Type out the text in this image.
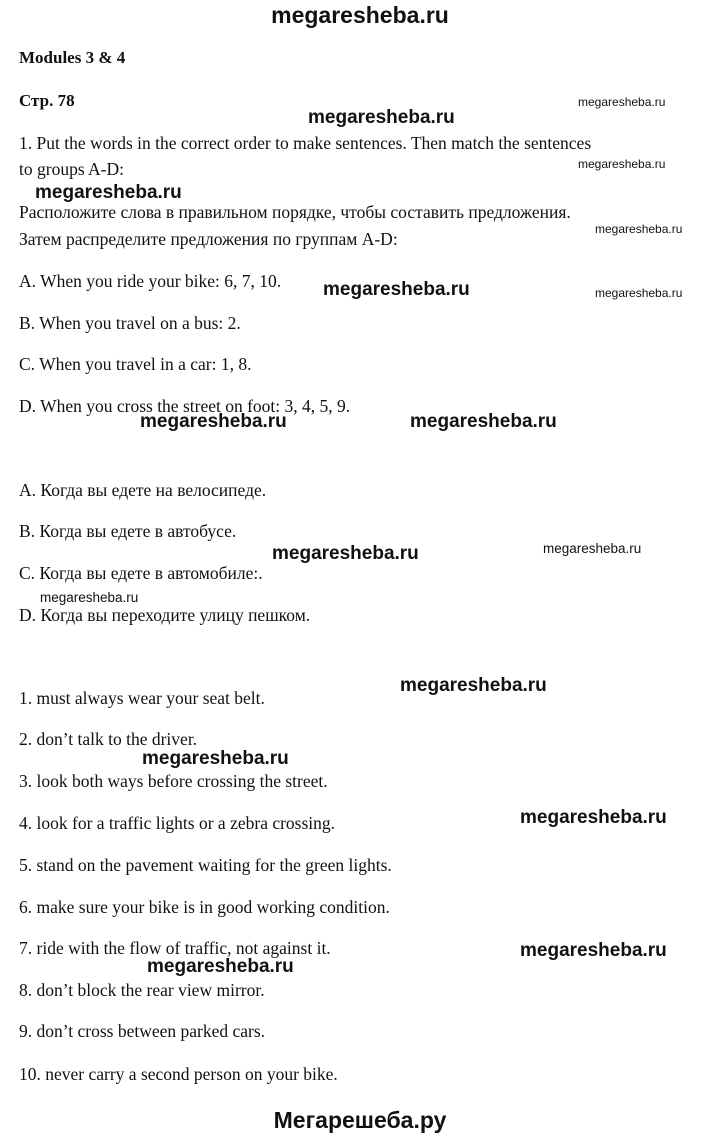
megaresheba.ru
Мегарешеба.ру
Modules 3 & 4
Стр. 78
1. Put the words in the correct order to make sentences. Then match the sentences
to groups A-D:
Расположите слова в правильном порядке, чтобы составить предложения.
Затем распределите предложения по группам A-D:
A. When you ride your bike: 6, 7, 10.
B. When you travel on a bus: 2.
C. When you travel in a car: 1, 8.
D. When you cross the street on foot: 3, 4, 5, 9.
A. Когда вы едете на велосипеде.
B. Когда вы едете в автобусе.
C. Когда вы едете в автомобиле:.
D. Когда вы переходите улицу пешком.
1. must always wear your seat belt.
2. don’t talk to the driver.
3. look both ways before crossing the street.
4. look for a traffic lights or a zebra crossing.
5. stand on the pavement waiting for the green lights.
6. make sure your bike is in good working condition.
7. ride with the flow of traffic, not against it.
8. don’t block the rear view mirror.
9. don’t cross between parked cars.
10. never carry a second person on your bike.
megaresheba.ru
megaresheba.ru
megaresheba.ru
megaresheba.ru
megaresheba.ru
megaresheba.ru	megaresheba.ru
megaresheba.ru	megaresheba.ru
megaresheba.ru	megaresheba.ru
megaresheba.ru
megaresheba.ru
megaresheba.ru
megaresheba.ru
megaresheba.ru
megaresheba.ru
